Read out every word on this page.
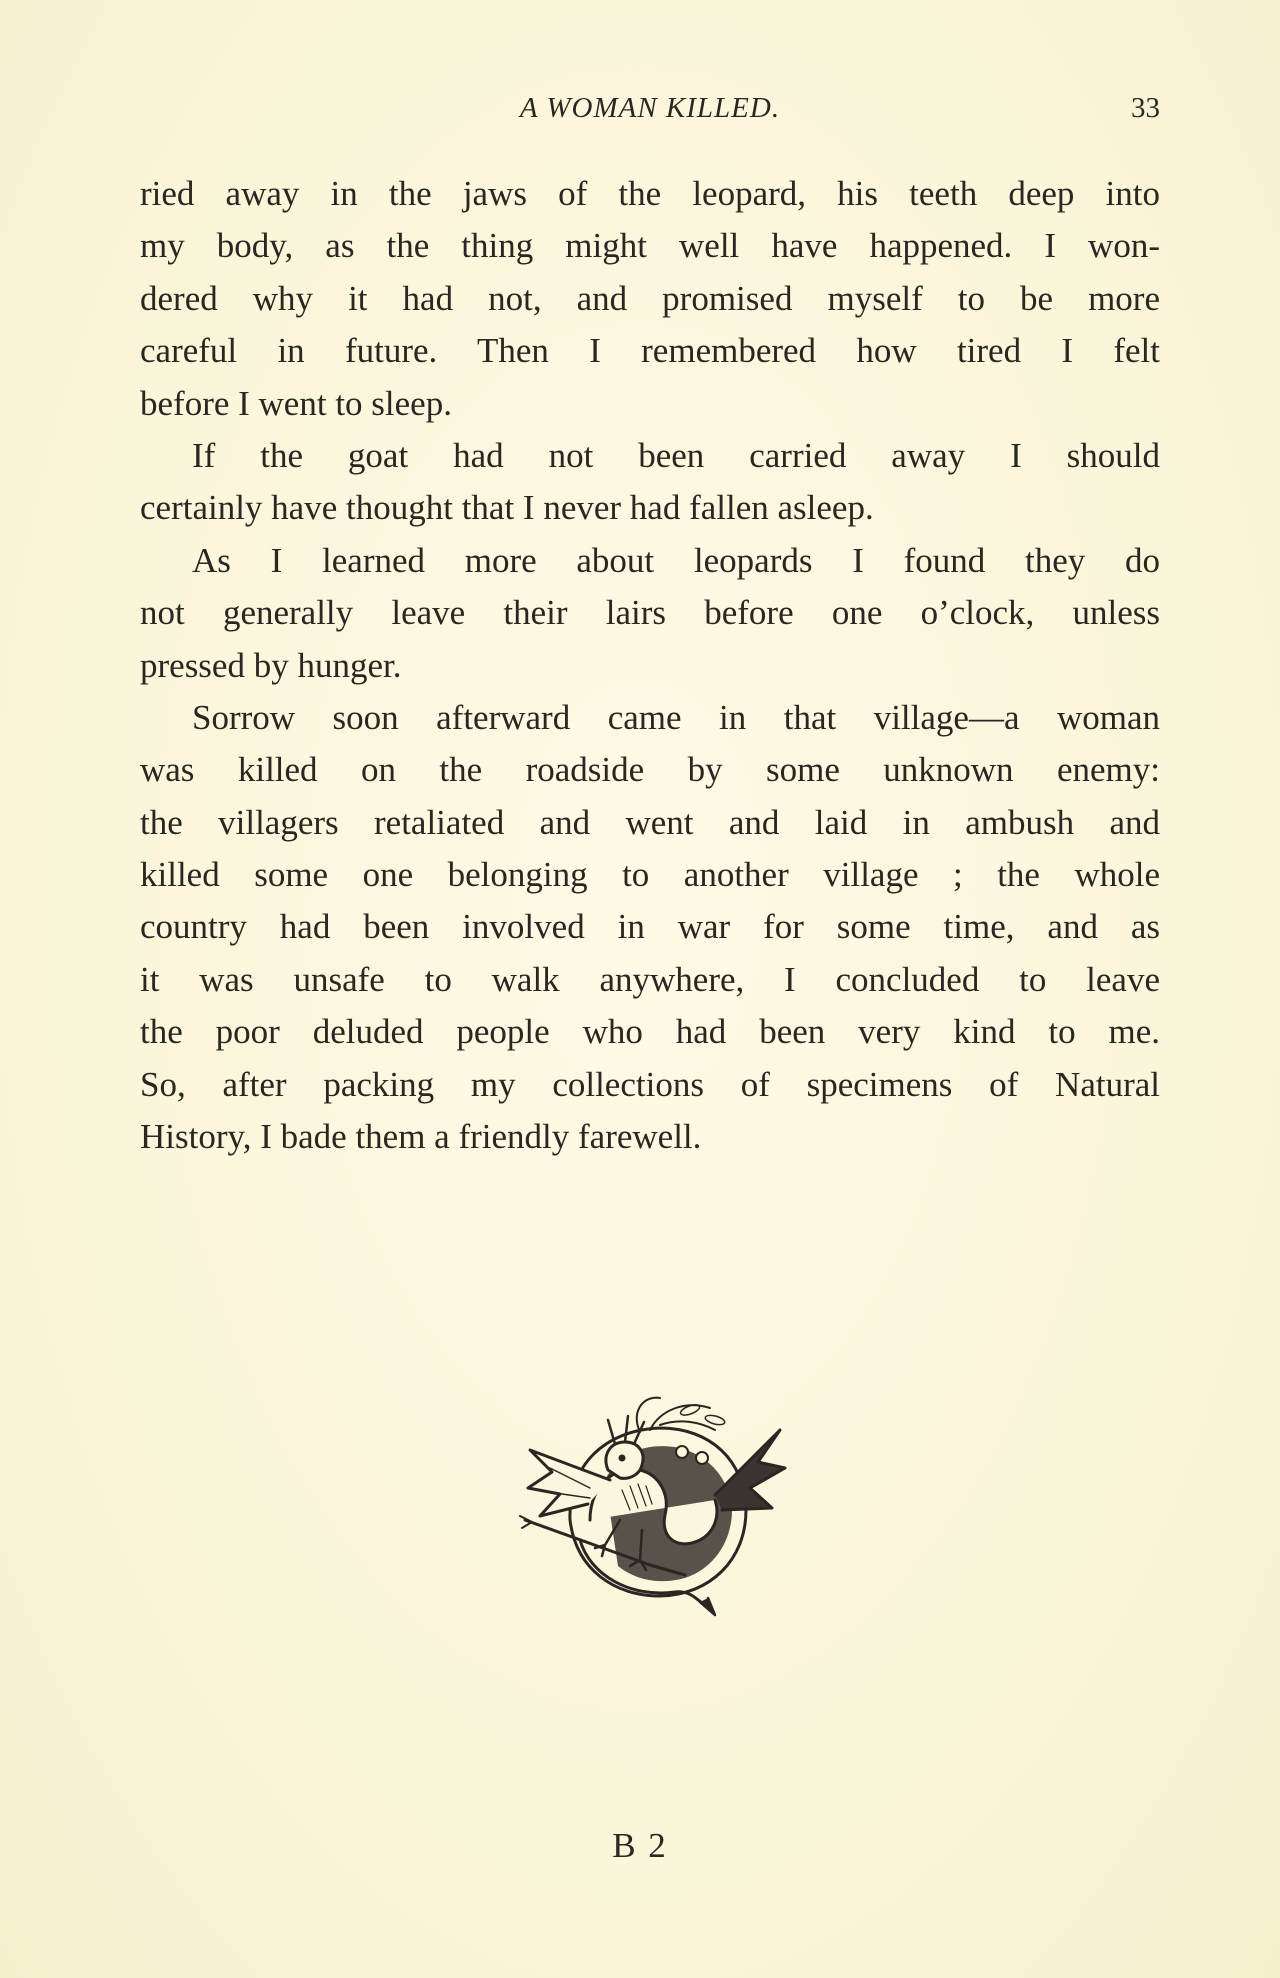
A WOMAN KILLED.	33
ried away in the jaws of the leopard, his teeth deep into
my body, as the thing might well have happened. I won-
dered why it had not, and promised myself to be more
careful in future. Then I remembered how tired I felt
before I went to sleep.
If the goat had not been carried away I should
certainly have thought that I never had fallen asleep.
As I learned more about leopards I found they do
not generally leave their lairs before one o’clock, unless
pressed by hunger.
Sorrow soon afterward came in that village—a woman
was killed on the roadside by some unknown enemy:
the villagers retaliated and went and laid in ambush and
killed some one belonging to another village ; the whole
country had been involved in war for some time, and as
it was unsafe to walk anywhere, I concluded to leave
the poor deluded people who had been very kind to me.
So, after packing my collections of specimens of Natural
History, I bade them a friendly farewell.
B 2
